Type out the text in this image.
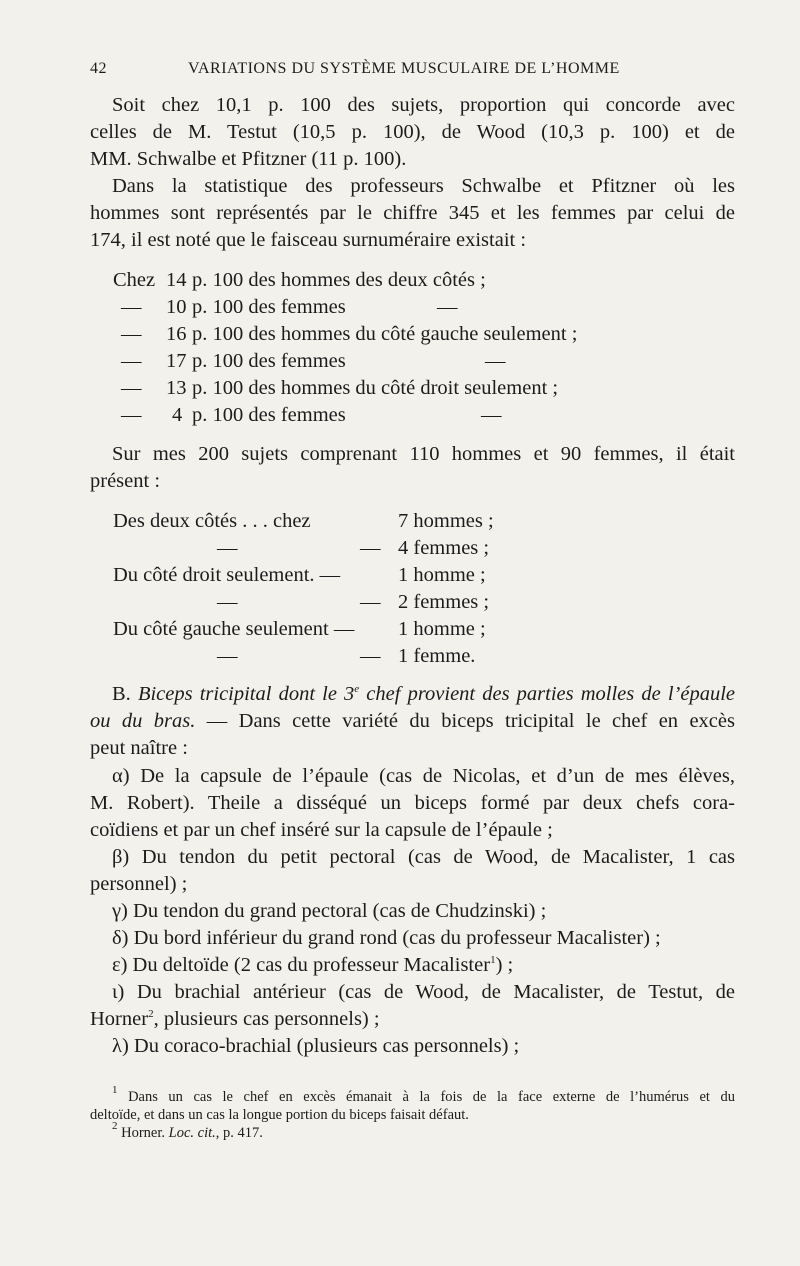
42	VARIATIONS DU SYSTÈME MUSCULAIRE DE L’HOMME
Soit chez 10,1 p. 100 des sujets, proportion qui concorde avec
celles de M. Testut (10,5 p. 100), de Wood (10,3 p. 100) et de
MM. Schwalbe et Pfitzner (11 p. 100).
Dans la statistique des professeurs Schwalbe et Pfitzner où les
hommes sont représentés par le chiffre 345 et les femmes par celui de
174, il est noté que le faisceau surnuméraire existait :
Chez 14 p. 100 des hommes des deux côtés ;
— 10 p. 100 des femmes	—
— 16 p. 100 des hommes du côté gauche seulement ;
— 17 p. 100 des femmes	—
— 13 p. 100 des hommes du côté droit seulement ;
— 4 p. 100 des femmes	—
Sur mes 200 sujets comprenant 110 hommes et 90 femmes, il était
présent :
Des deux côtés . . . chez	7 hommes ;
—	— 4 femmes ;
Du côté droit seulement. —	1 homme ;
—	— 2 femmes ;
Du côté gauche seulement — 1 homme ;
—	— 1 femme.
B. Biceps tricipital dont le 3e chef provient des parties molles de l’épaule
ou du bras. — Dans cette variété du biceps tricipital le chef en excès
peut naître :
α) De la capsule de l’épaule (cas de Nicolas, et d’un de mes élèves,
M. Robert). Theile a disséqué un biceps formé par deux chefs cora-
coïdiens et par un chef inséré sur la capsule de l’épaule ;
β) Du tendon du petit pectoral (cas de Wood, de Macalister, 1 cas
personnel) ;
γ) Du tendon du grand pectoral (cas de Chudzinski) ;
δ) Du bord inférieur du grand rond (cas du professeur Macalister) ;
ε) Du deltoïde (2 cas du professeur Macalister$^1$) ;
ι) Du brachial antérieur (cas de Wood, de Macalister, de Testut, de
Horner$^2$, plusieurs cas personnels) ;
λ) Du coraco-brachial (plusieurs cas personnels) ;
$^1$ Dans un cas le chef en excès émanait à la fois de la face externe de l’humérus et du
deltoïde, et dans un cas la longue portion du biceps faisait défaut.
$^2$ Horner. Loc. cit., p. 417.
